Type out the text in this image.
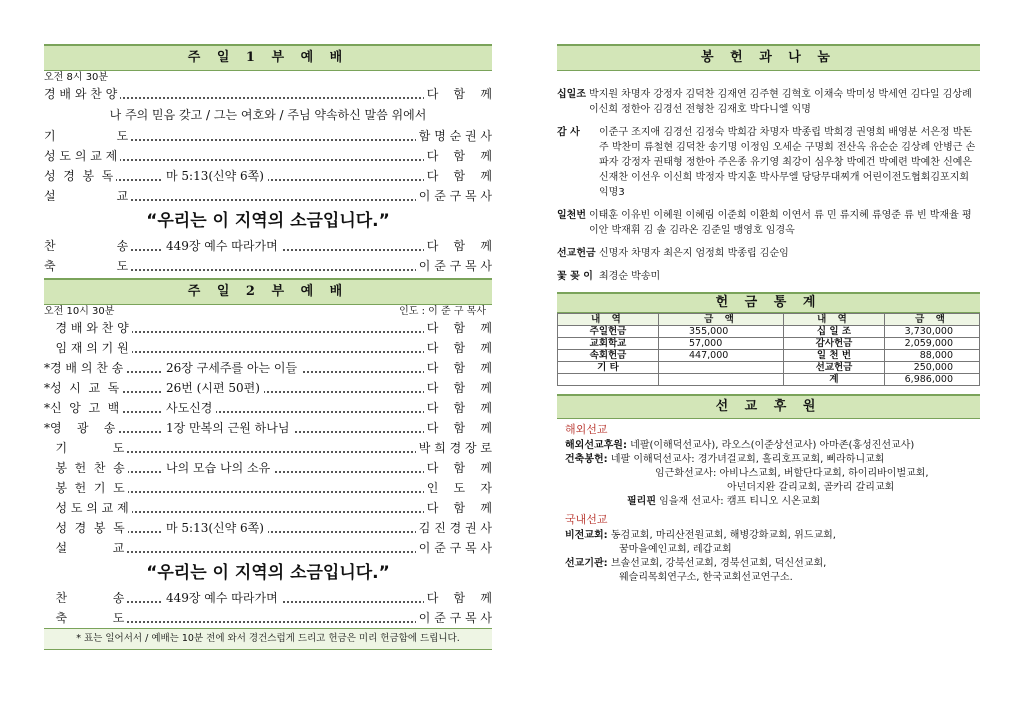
주 일 1 부 예 배
오전 8시 30분
경 배 와 찬 양	다    함    께
나 주의 믿음 갖고 / 그는 여호와 / 주님 약속하신 말씀 위에서
기                도	함 명 순 권 사
성 도 의 교 제	다    함    께
성  경  봉  독	마 5:13(신약 6쪽)	다    함    께
설                교	이 준 구 목 사
“우리는 이 지역의 소금입니다.”
찬                송	449장 예수 따라가며	다    함    께
축                도	이 준 구 목 사
주 일 2 부 예 배
오전 10시 30분	인도 : 이 준 구 목사
경 배 와 찬 양	다    함    께
임 재 의 기 원	다    함    께
*경 배 의 찬 송	26장 구세주를 아는 이들	다    함    께
*성  시  교  독	26번 (시편 50편)	다    함    께
*신  앙  고  백	사도신경	다    함    께
*영    광    송	1장 만복의 근원 하나님	다    함    께
기            도	박 희 경 장 로
봉  헌  찬  송	나의 모습 나의 소유	다    함    께
봉  헌  기  도	인    도    자
성 도 의 교 제	다    함    께
성  경  봉  독	마 5:13(신약 6쪽)	김 진 경 권 사
설            교	이 준 구 목 사
“우리는 이 지역의 소금입니다.”
찬            송	449장 예수 따라가며	다    함    께
축            도	이 준 구 목 사
* 표는 일어서서 / 예배는 10분 전에 와서 경건스럽게 드리고 헌금은 미리 헌금함에 드립니다.
봉 헌 과 나 눔
십일조 박지원 차명자 강정자 김덕찬 김재연 김주현 김혁호 이채숙 박미성 박세연 김다일 김상례 이신희 정한아 김경선 전형찬 김재호 박다니엘 익명
감 사 이준구 조지애 김경선 김정숙 박희감 차명자 박종립 박희경 권영희 배영분 서은정 박돈주 박찬미 류철현 김덕찬 송기명 이정임 오세순 구명회 전산옥 유순순 김상례 안병근 손파자 강정자 권태형 정한아 주은종 유기영 최강이 심우창 박예건 박예련 박예찬 신예은 신재찬 이선우 이신희 박정자 박지훈 박사무엘 당당무대찌개 어린이전도협회김포지회 익명3
일천번 이태훈 이유빈 이혜원 이혜림 이준희 이환희 이연서 류 민 류지혜 류영준 류 빈 박재율 평이안 박재휘 김 솔 김라온 김준일 맹영호 임경옥
선교헌금 신명자 차명자 최은지 엄정희 박종립 김순임
꽃 꽂 이 최경순 박송미
헌 금 통 계
내 역	금 액	내 역	금 액
주일헌금	355,000	십 일 조	3,730,000
교회학교	57,000	감사헌금	2,059,000
속회헌금	447,000	일 천 번	88,000
기 타		선교헌금	250,000
		계	6,986,000
선 교 후 원
해외선교
해외선교후원: 네팔(이해덕선교사), 라오스(이준상선교사) 아마존(홍성진선교사)
건축봉헌: 네팔 이해덕선교사: 경가녀걸교회, 홀리호프교회, 삐라하니교회
임근화선교사: 아비나스교회, 버할단다교회, 하이리바이벌교회,
아넌더지완 갈리교회, 골카리 갈리교회
필리핀 임을재 선교사: 캠프 티니오 시온교회
국내선교
비전교회: 동검교회, 마리산전원교회, 해병강화교회, 위드교회,
꿈마을예인교회, 레갑교회
선교기관: 브솔선교회, 강북선교회, 경북선교회, 덕신선교회,
웨슬리목회연구소, 한국교회선교연구소.
